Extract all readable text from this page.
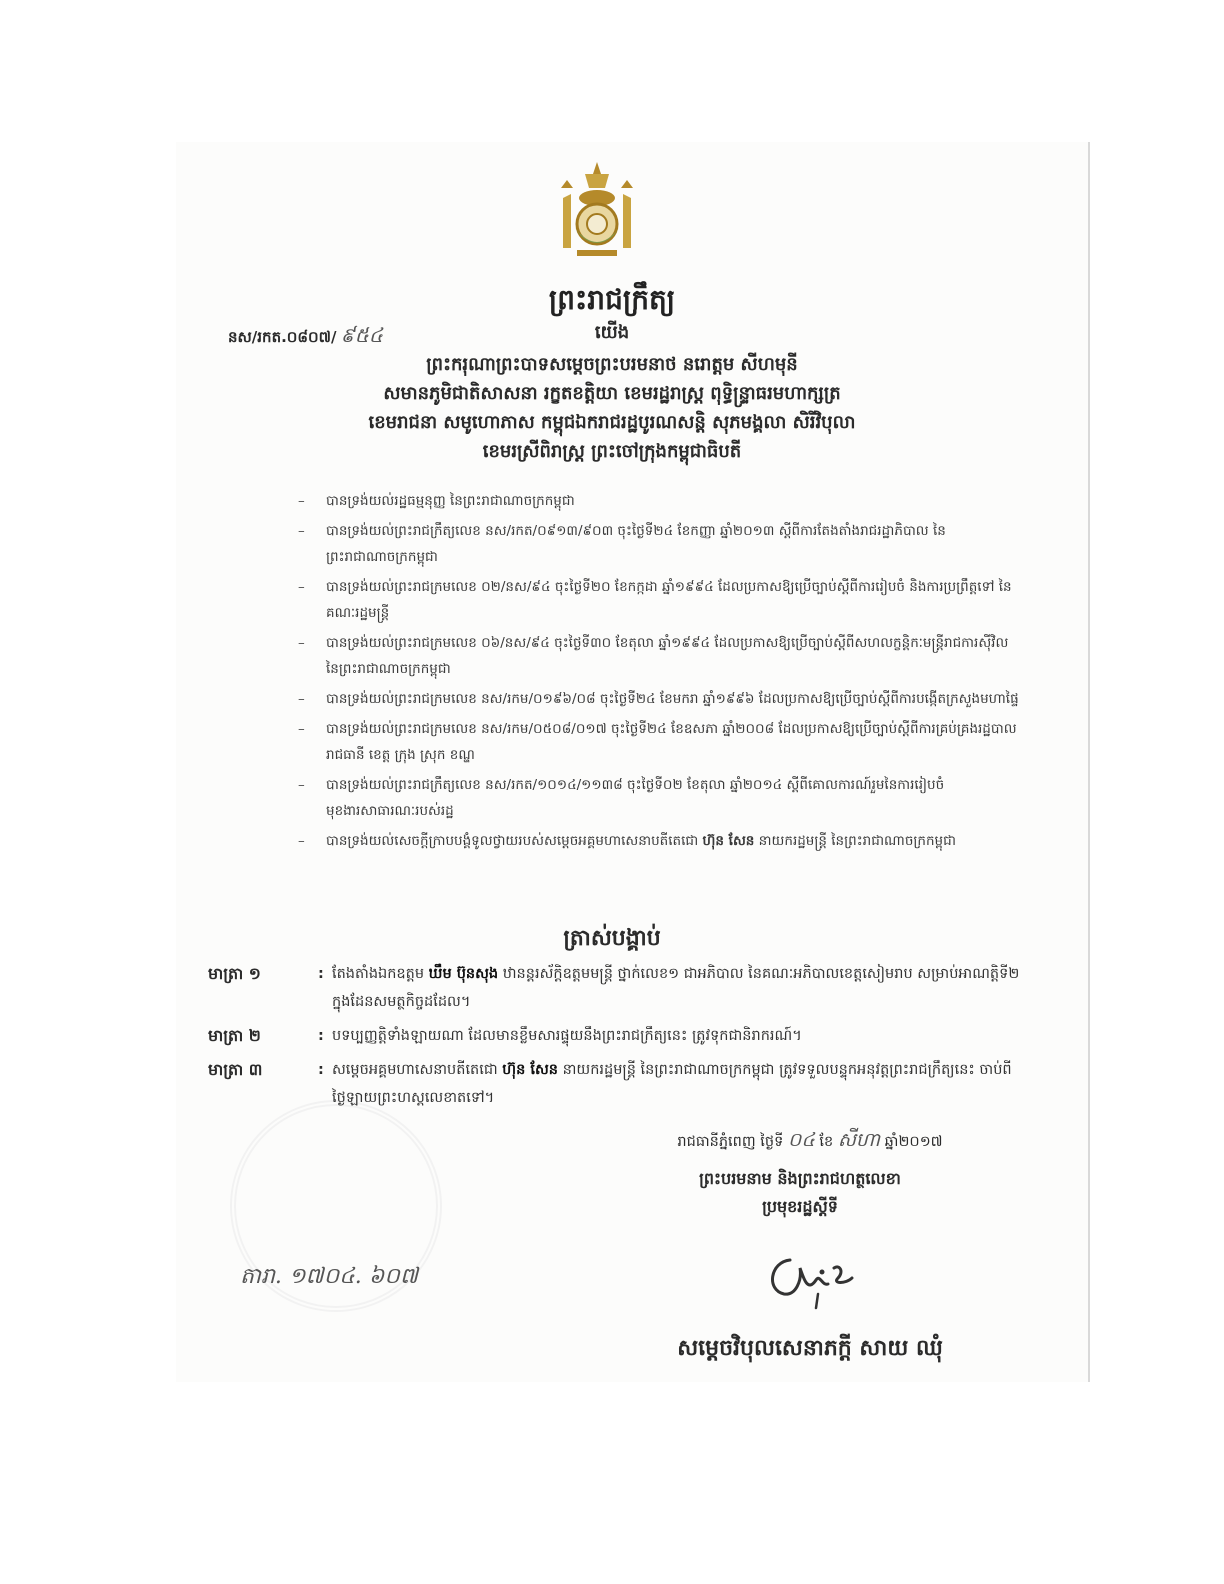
ព្រះរាជក្រឹត្យ
នស/រកត.០៨០៧/ ៩៥៤	យើង
ព្រះករុណាព្រះបាទសម្តេចព្រះបរមនាថ នរោត្តម សីហមុនី
សមានភូមិជាតិសាសនា រក្ខតខត្តិយា ខេមរដ្ឋរាស្ត្រ ពុទ្ធិន្ទ្រាធរមហាក្សត្រ
ខេមរាជនា សមូហោភាស កម្ពុជឯករាជរដ្ឋបូរណសន្តិ សុភមង្គលា សិរីវិបុលា
ខេមរស្រីពិរាស្ត្រ ព្រះចៅក្រុងកម្ពុជាធិបតី
– បានទ្រង់យល់រដ្ឋធម្មនុញ្ញ នៃព្រះរាជាណាចក្រកម្ពុជា
– បានទ្រង់យល់ព្រះរាជក្រឹត្យលេខ នស/រកត/០៩១៣/៩០៣ ចុះថ្ងៃទី២៤ ខែកញ្ញា ឆ្នាំ២០១៣ ស្តីពីការតែងតាំងរាជរដ្ឋាភិបាល នៃព្រះរាជាណាចក្រកម្ពុជា
– បានទ្រង់យល់ព្រះរាជក្រមលេខ ០២/នស/៩៤ ចុះថ្ងៃទី២០ ខែកក្កដា ឆ្នាំ១៩៩៤ ដែលប្រកាសឱ្យប្រើច្បាប់ស្តីពីការរៀបចំ និងការប្រព្រឹត្តទៅ នៃគណៈរដ្ឋមន្ត្រី
– បានទ្រង់យល់ព្រះរាជក្រមលេខ ០៦/នស/៩៤ ចុះថ្ងៃទី៣០ ខែតុលា ឆ្នាំ១៩៩៤ ដែលប្រកាសឱ្យប្រើច្បាប់ស្តីពីសហលក្ខន្តិកៈមន្ត្រីរាជការស៊ីវិល នៃព្រះរាជាណាចក្រកម្ពុជា
– បានទ្រង់យល់ព្រះរាជក្រមលេខ នស/រកម/០១៩៦/០៨ ចុះថ្ងៃទី២៤ ខែមករា ឆ្នាំ១៩៩៦ ដែលប្រកាសឱ្យប្រើច្បាប់ស្តីពីការបង្កើតក្រសួងមហាផ្ទៃ
– បានទ្រង់យល់ព្រះរាជក្រមលេខ នស/រកម/០៥០៨/០១៧ ចុះថ្ងៃទី២៤ ខែឧសភា ឆ្នាំ២០០៨ ដែលប្រកាសឱ្យប្រើច្បាប់ស្តីពីការគ្រប់គ្រងរដ្ឋបាលរាជធានី ខេត្ត ក្រុង ស្រុក ខណ្ឌ
– បានទ្រង់យល់ព្រះរាជក្រឹត្យលេខ នស/រកត/១០១៤/១១៣៨ ចុះថ្ងៃទី០២ ខែតុលា ឆ្នាំ២០១៤ ស្តីពីគោលការណ៍រួមនៃការរៀបចំមុខងារសាធារណៈរបស់រដ្ឋ
– បានទ្រង់យល់សេចក្តីក្រាបបង្គំទូលថ្វាយរបស់សម្តេចអគ្គមហាសេនាបតីតេជោ ហ៊ុន សែន នាយករដ្ឋមន្ត្រី នៃព្រះរាជាណាចក្រកម្ពុជា
ត្រាស់បង្គាប់
មាត្រា ១	: តែងតាំងឯកឧត្តម ឃឹម ប៊ុនសុង ឋានន្តរស័ក្តិឧត្តមមន្ត្រី ថ្នាក់លេខ១ ជាអភិបាល នៃគណៈអភិបាលខេត្តសៀមរាប សម្រាប់អាណត្តិទី២ ក្នុងដែនសមត្ថកិច្ចដដែល។
មាត្រា ២	: បទប្បញ្ញត្តិទាំងឡាយណា ដែលមានខ្លឹមសារផ្ទុយនឹងព្រះរាជក្រឹត្យនេះ ត្រូវទុកជានិរាករណ៍។
មាត្រា ៣	: សម្តេចអគ្គមហាសេនាបតីតេជោ ហ៊ុន សែន នាយករដ្ឋមន្ត្រី នៃព្រះរាជាណាចក្រកម្ពុជា ត្រូវទទួលបន្ទុកអនុវត្តព្រះរាជក្រឹត្យនេះ ចាប់ពីថ្ងៃឡាយព្រះហស្តលេខាតទៅ។
រាជធានីភ្នំពេញ ថ្ងៃទី ០៤ ខែ សីហា ឆ្នាំ២០១៧
ព្រះបរមនាម និងព្រះរាជហត្ថលេខា
ប្រមុខរដ្ឋស្តីទី
តារា. ១៧០៤. ៦០៧
សម្តេចវិបុលសេនាភក្តី សាយ ឈុំ
